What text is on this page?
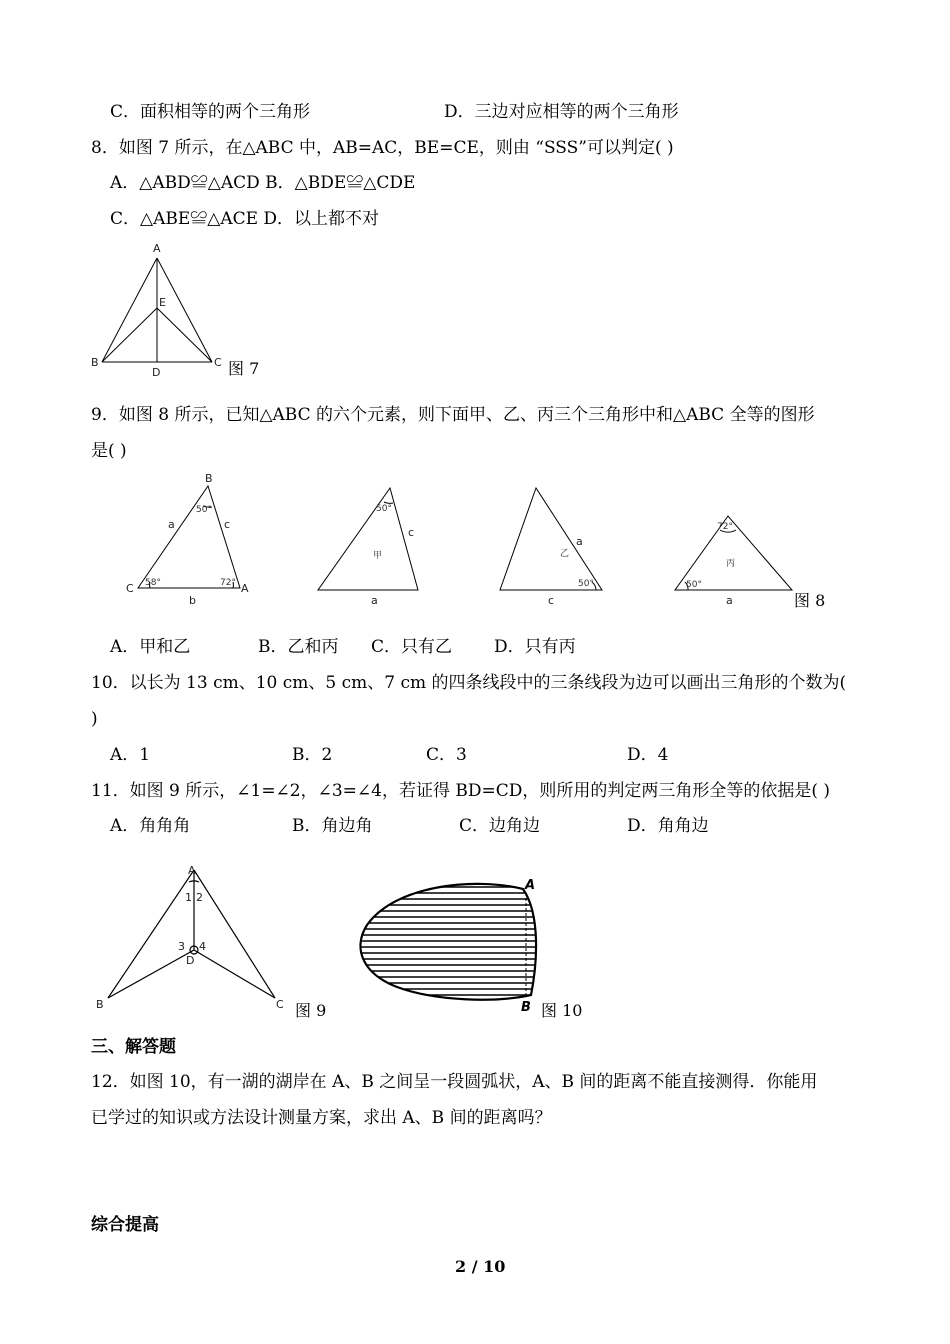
C．面积相等的两个三角形	D．三边对应相等的两个三角形
8．如图 7 所示，在△ABC 中，AB=AC，BE=CE，则由 “SSS”可以判定( )
A．△ABD≌△ACD B．△BDE≌△CDE
C．△ABE≌△ACE D．以上都不对
A
E
B	C
D	图 7
9．如图 8 所示，已知△ABC 的六个元素，则下面甲、乙、丙三个三角形中和△ABC 全等的图形
是( )
B
C	A
a	c
b
50°
58°	72°
50°
c
甲
a
乙
a
50°
c
72°
丙
50°
a	图 8
A．甲和乙	B．乙和丙 C．只有乙 D．只有丙
10．以长为 13 cm、10 cm、5 cm、7 cm 的四条线段中的三条线段为边可以画出三角形的个数为(
)
A．1	B．2	C．3	D．4
11．如图 9 所示，∠1=∠2，∠3=∠4，若证得 BD=CD，则所用的判定两三角形全等的依据是( )
A．角角角	B．角边角	C．边角边	D．角角边
A
1 2
3 4
D
B	C 图 9
A
B 图 10
三、解答题
12．如图 10，有一湖的湖岸在 A、B 之间呈一段圆弧状，A、B 间的距离不能直接测得．你能用
已学过的知识或方法设计测量方案，求出 A、B 间的距离吗？
综合提高
2 / 10
